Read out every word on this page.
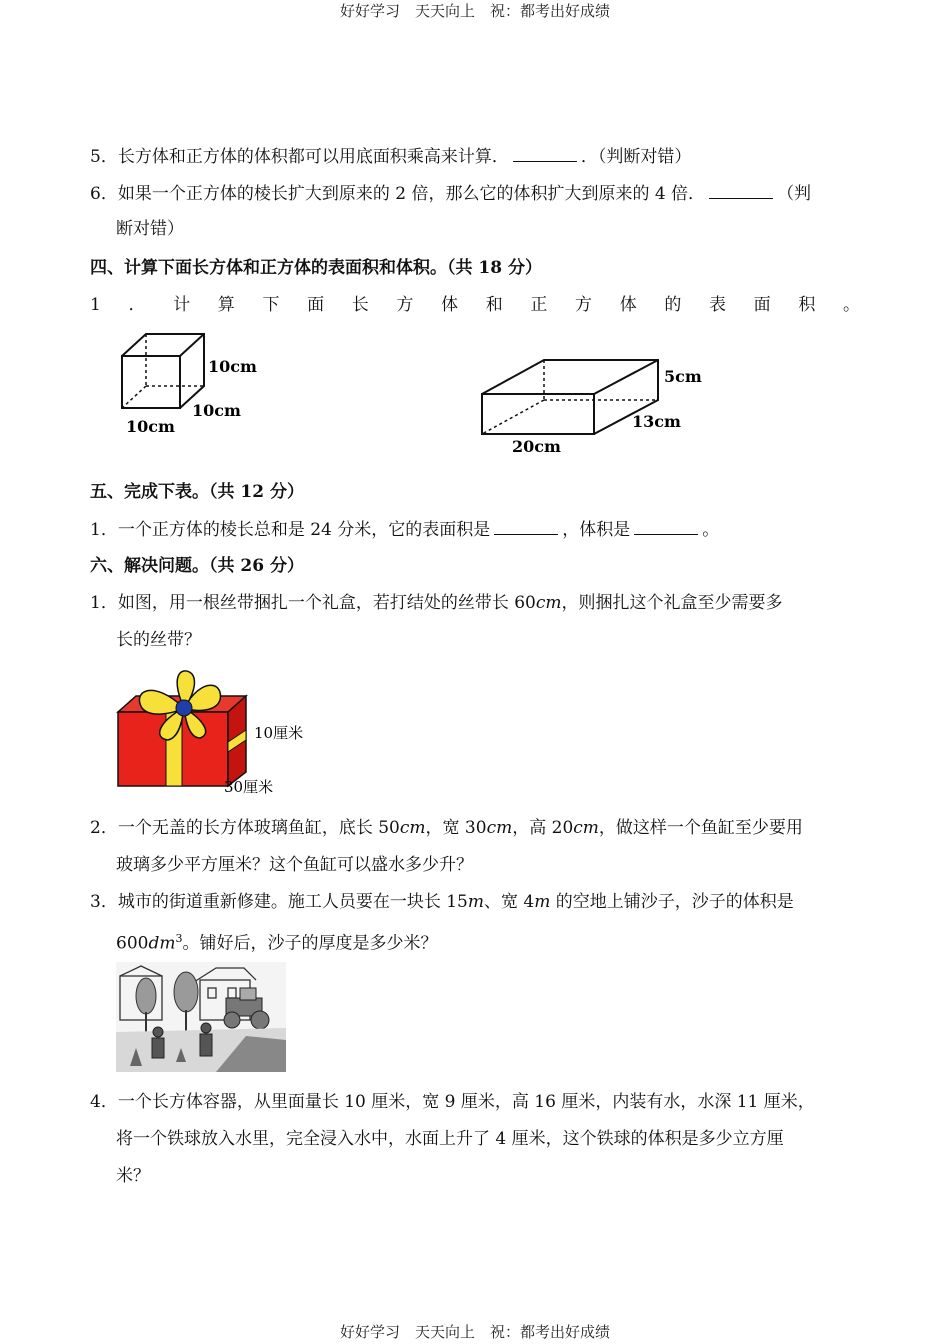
好好学习　天天向上　祝：都考出好成绩
5．长方体和正方体的体积都可以用底面积乘高来计算．	．（判断对错）
6．如果一个正方体的棱长扩大到原来的 2 倍，那么它的体积扩大到原来的 4 倍．	（判
断对错）
四、计算下面长方体和正方体的表面积和体积。（共 18 分）
1 ． 计 算 下 面 长 方 体 和 正 方 体 的 表 面 积 。
10cm
10cm
10cm
5cm
13cm
20cm
五、完成下表。（共 12 分）
1．一个正方体的棱长总和是 24 分米，它的表面积是	，体积是	。
六、解决问题。（共 26 分）
1．如图，用一根丝带捆扎一个礼盒，若打结处的丝带长 60cm，则捆扎这个礼盒至少需要多
长的丝带？
10厘米
30厘米
2．一个无盖的长方体玻璃鱼缸，底长 50cm，宽 30cm，高 20cm，做这样一个鱼缸至少要用
玻璃多少平方厘米？这个鱼缸可以盛水多少升？
3．城市的街道重新修建。施工人员要在一块长 15m、宽 4m 的空地上铺沙子，沙子的体积是
$600dm^3$。铺好后，沙子的厚度是多少米？
4．一个长方体容器，从里面量长 10 厘米，宽 9 厘米，高 16 厘米，内装有水，水深 11 厘米，
将一个铁球放入水里，完全浸入水中，水面上升了 4 厘米，这个铁球的体积是多少立方厘
米？
好好学习　天天向上　祝：都考出好成绩
